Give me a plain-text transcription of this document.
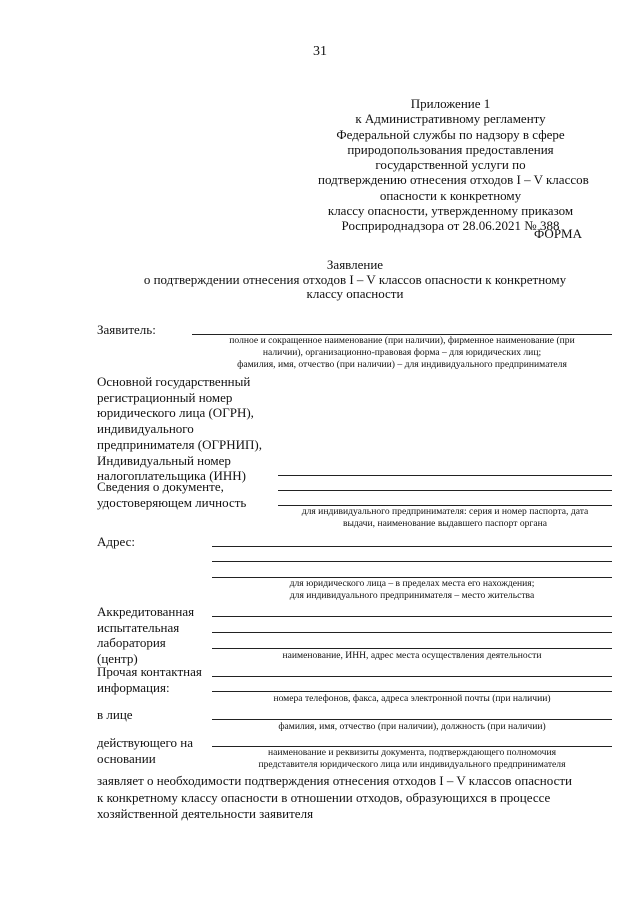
31
Приложение 1
к Административному регламенту
Федеральной службы по надзору в сфере
природопользования предоставления
государственной услуги по
подтверждению отнесения отходов I – V классов
опасности к конкретному
классу опасности, утвержденному приказом
Росприроднадзора от 28.06.2021 № 388
ФОРМА
Заявление
о подтверждении отнесения отходов I – V классов опасности к конкретному
классу опасности
Заявитель:
полное и сокращенное наименование (при наличии), фирменное наименование (при
наличии), организационно-правовая форма – для юридических лиц;
фамилия, имя, отчество (при наличии) – для индивидуального предпринимателя
Основной государственный
регистрационный номер
юридического лица (ОГРН),
индивидуального
предпринимателя (ОГРНИП),
Индивидуальный номер
налогоплательщика (ИНН)
Сведения о документе,
удостоверяющем личность
для индивидуального предпринимателя: серия и номер паспорта, дата
выдачи, наименование выдавшего паспорт органа
Адрес:
для юридического лица – в пределах места его нахождения;
для индивидуального предпринимателя – место жительства
Аккредитованная
испытательная
лаборатория
(центр)	наименование, ИНН, адрес места осуществления деятельности
Прочая контактная
информация:
номера телефонов, факса, адреса электронной почты (при наличии)
в лице
фамилия, имя, отчество (при наличии), должность (при наличии)
действующего на
основании	наименование и реквизиты документа, подтверждающего полномочия
представителя юридического лица или индивидуального предпринимателя
заявляет о необходимости подтверждения отнесения отходов I – V классов опасности
к конкретному классу опасности в отношении отходов, образующихся в процессе
хозяйственной деятельности заявителя
